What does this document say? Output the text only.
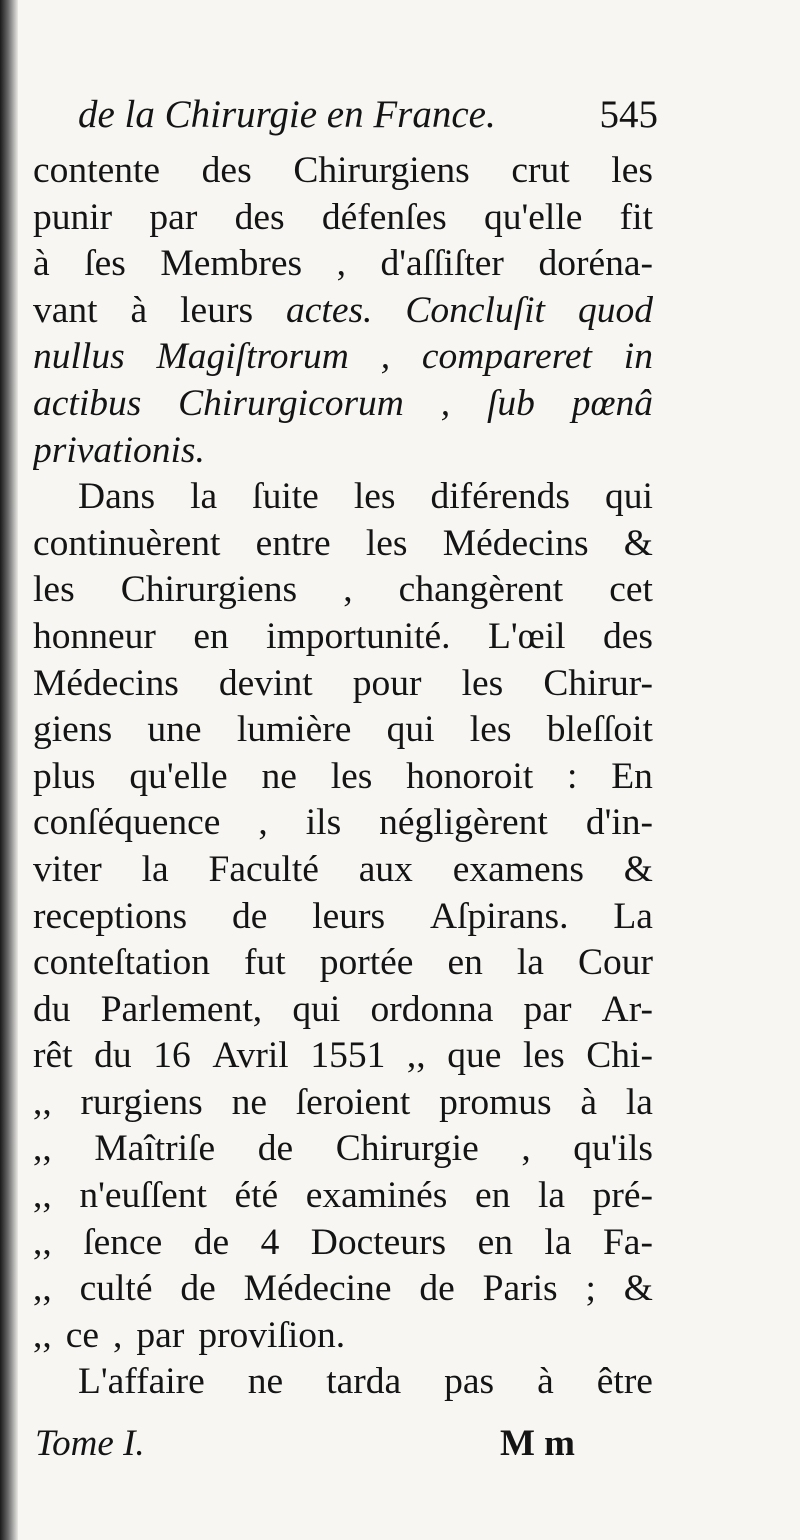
de la Chirurgie en France.	545
contente des Chirurgiens crut les
punir par des défenſes qu'elle fit
à ſes Membres , d'aſſiſter doréna-
vant à leurs actes. Concluſit quod
nullus Magiſtrorum , compareret in
actibus Chirurgicorum , ſub pœnâ
privationis.
Dans la ſuite les diférends qui
continuèrent entre les Médecins &
les Chirurgiens , changèrent cet
honneur en importunité. L'œil des
Médecins devint pour les Chirur-
giens une lumière qui les bleſſoit
plus qu'elle ne les honoroit : En
conſéquence , ils négligèrent d'in-
viter la Faculté aux examens &
receptions de leurs Aſpirans. La
conteſtation fut portée en la Cour
du Parlement, qui ordonna par Ar-
rêt du 16 Avril 1551 ,, que les Chi-
,, rurgiens ne ſeroient promus à la
,, Maîtriſe de Chirurgie , qu'ils
,, n'euſſent été examinés en la pré-
,, ſence de 4 Docteurs en la Fa-
,, culté de Médecine de Paris ; &
,, ce , par proviſion.
L'affaire ne tarda pas à être
Tome I.	M m
